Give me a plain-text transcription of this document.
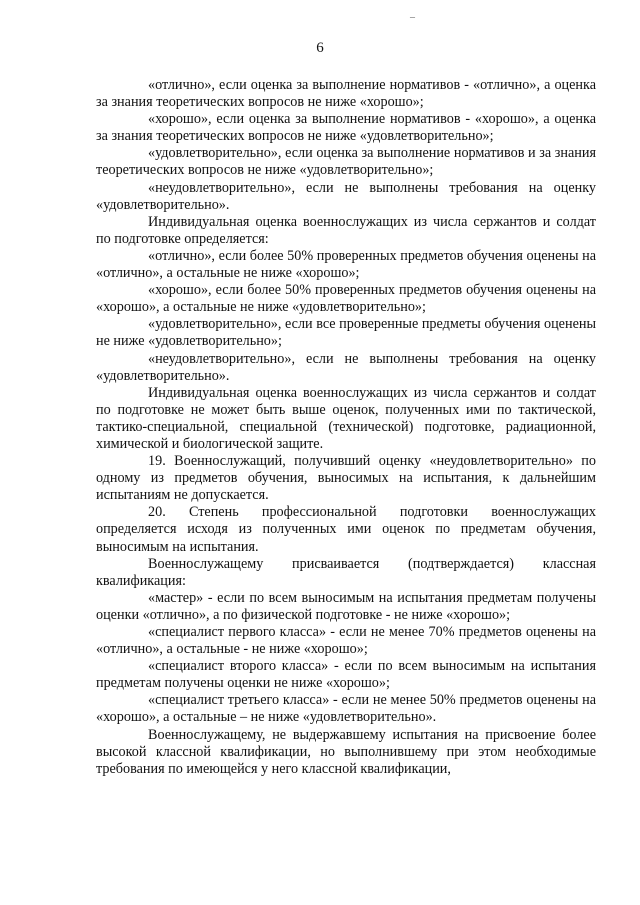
‒
6

«отлично», если оценка за выполнение нормативов - «отлично», а оценка за знания теоретических вопросов не ниже «хорошо»;

«хорошо», если оценка за выполнение нормативов - «хорошо», а оценка за знания теоретических вопросов не ниже «удовлетворительно»;

«удовлетворительно», если оценка за выполнение нормативов и за знания теоретических вопросов не ниже «удовлетворительно»;

«неудовлетворительно», если не выполнены требования на оценку «удовлетворительно».

Индивидуальная оценка военнослужащих из числа сержантов и солдат по подготовке определяется:

«отлично», если более 50% проверенных предметов обучения оценены на «отлично», а остальные не ниже «хорошо»;

«хорошо», если более 50% проверенных предметов обучения оценены на «хорошо», а остальные не ниже «удовлетворительно»;

«удовлетворительно», если все проверенные предметы обучения оценены не ниже «удовлетворительно»;

«неудовлетворительно», если не выполнены требования на оценку «удовлетворительно».

Индивидуальная оценка военнослужащих из числа сержантов и солдат по подготовке не может быть выше оценок, полученных ими по тактической, тактико-специальной, специальной (технической) подготовке, радиационной, химической и биологической защите.

19. Военнослужащий, получивший оценку «неудовлетворительно» по одному из предметов обучения, выносимых на испытания, к дальнейшим испытаниям не допускается.

20. Степень профессиональной подготовки военнослужащих определяется исходя из полученных ими оценок по предметам обучения, выносимым на испытания.

Военнослужащему присваивается (подтверждается) классная квалификация:

«мастер» - если по всем выносимым на испытания предметам получены оценки «отлично», а по физической подготовке - не ниже «хорошо»;

«специалист первого класса» - если не менее 70% предметов оценены на «отлично», а остальные - не ниже «хорошо»;

«специалист второго класса» - если по всем выносимым на испытания предметам получены оценки не ниже «хорошо»;

«специалист третьего класса» - если не менее 50% предметов оценены на «хорошо», а остальные – не ниже «удовлетворительно».

Военнослужащему, не выдержавшему испытания на присвоение более высокой классной квалификации, но выполнившему при этом необходимые требования по имеющейся у него классной квалификации,
